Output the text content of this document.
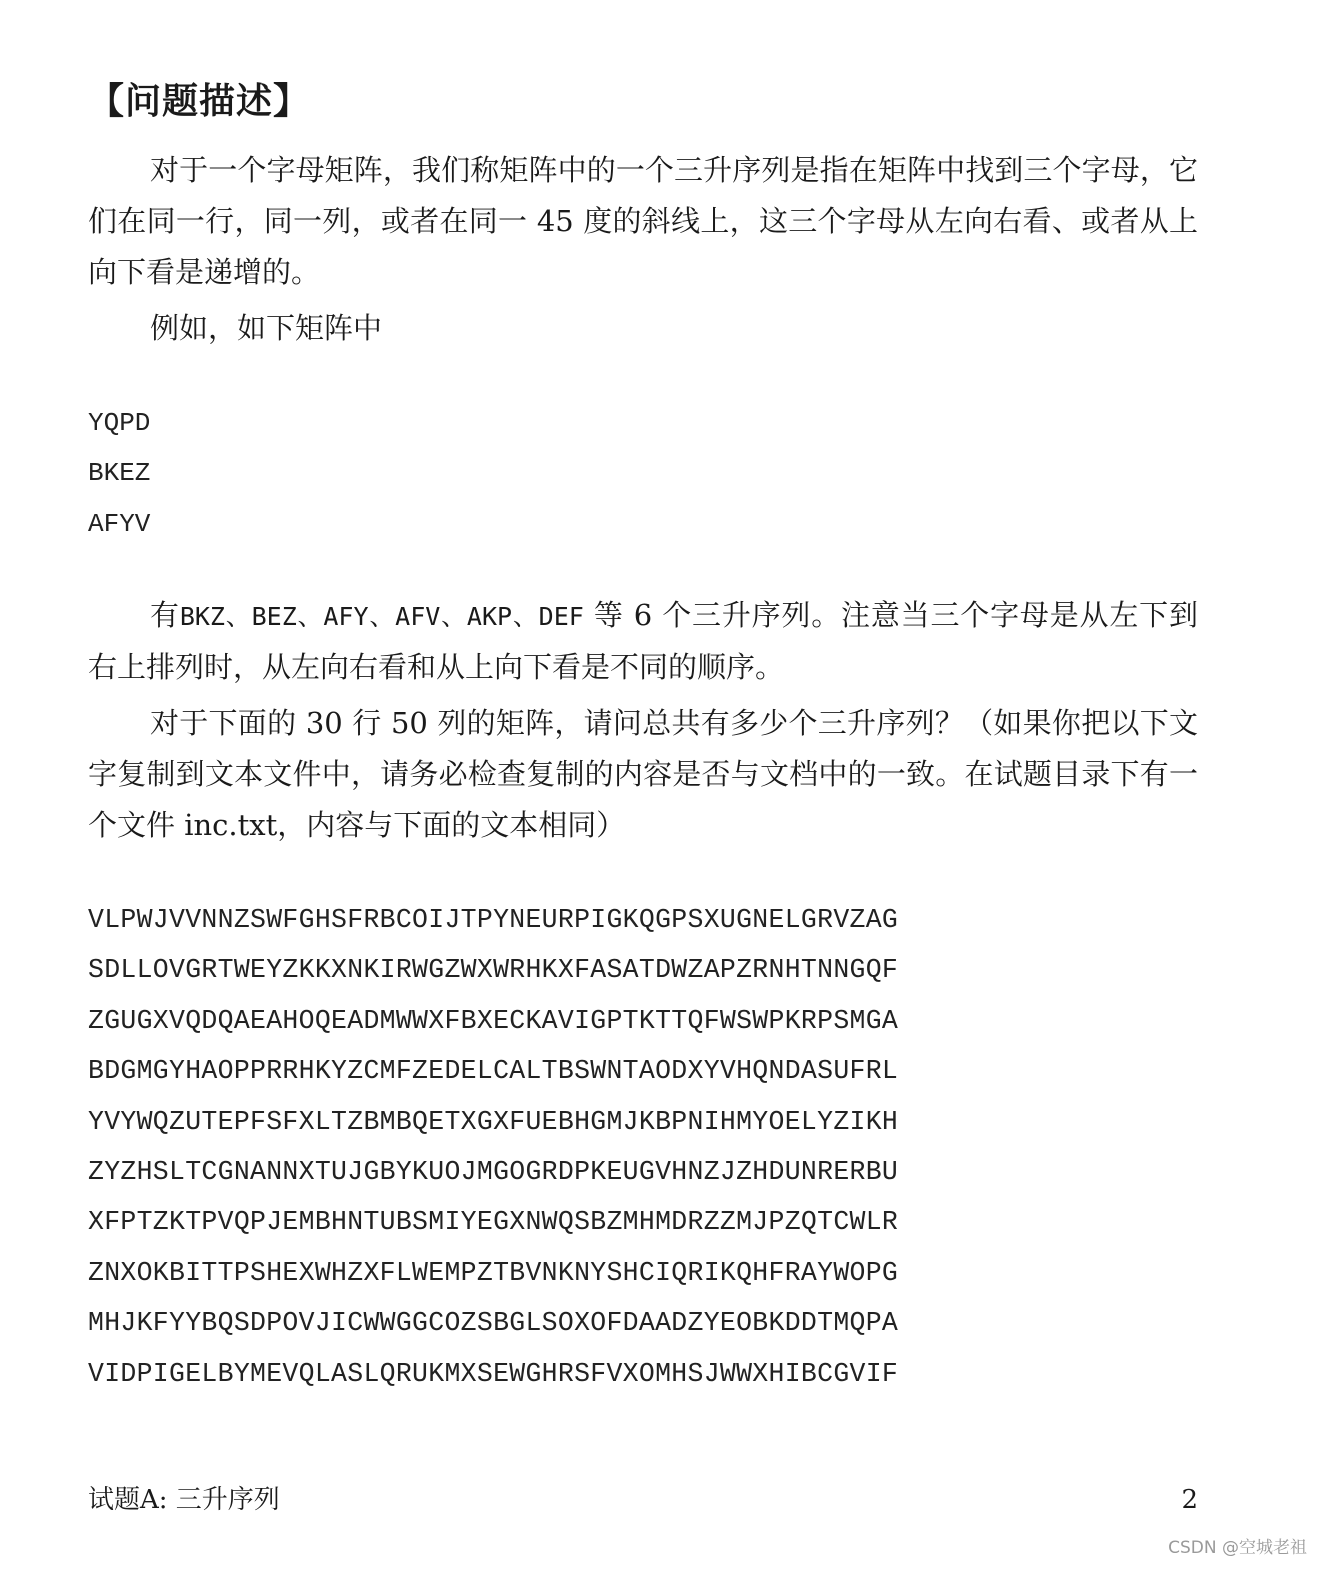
【问题描述】

对于一个字母矩阵，我们称矩阵中的一个三升序列是指在矩阵中找到三个字母，它们在同一行，同一列，或者在同一 45 度的斜线上，这三个字母从左向右看、或者从上向下看是递增的。

例如，如下矩阵中

YQPD
BKEZ
AFYV

有BKZ、BEZ、AFY、AFV、AKP、DEF 等 6 个三升序列。注意当三个字母是从左下到右上排列时，从左向右看和从上向下看是不同的顺序。

对于下面的 30 行 50 列的矩阵，请问总共有多少个三升序列？（如果你把以下文字复制到文本文件中，请务必检查复制的内容是否与文档中的一致。在试题目录下有一个文件 inc.txt，内容与下面的文本相同）

VLPWJVVNNZSWFGHSFRBCOIJTPYNEURPIGKQGPSXUGNELGRVZAG
SDLLOVGRTWEYZKKXNKIRWGZWXWRHKXFASATDWZAPZRNHTNNGQF
ZGUGXVQDQAEAHOQEADMWWXFBXECKAVIGPTKTTQFWSWPKRPSMGA
BDGMGYHAOPPRRHKYZCMFZEDELCALTBSWNTAODXYVHQNDASUFRL
YVYWQZUTEPFSFXLTZBMBQETXGXFUEBHGMJKBPNIHMYOELYZIKH
ZYZHSLTCGNANNXTUJGBYKUOJMGOGRDPKEUGVHNZJZHDUNRERBU
XFPTZKTPVQPJEMBHNTUBSMIYEGXNWQSBZMHMDRZZMJPZQTCWLR
ZNXOKBITTPSHEXWHZXFLWEMPZTBVNKNYSHCIQRIKQHFRAYWOPG
MHJKFYYBQSDPOVJICWWGGCOZSBGLSOXOFDAADZYEOBKDDTMQPA
VIDPIGELBYMEVQLASLQRUKMXSEWGHRSFVXOMHSJWWXHIBCGVIF
试题A: 三升序列	2
CSDN @空城老祖
